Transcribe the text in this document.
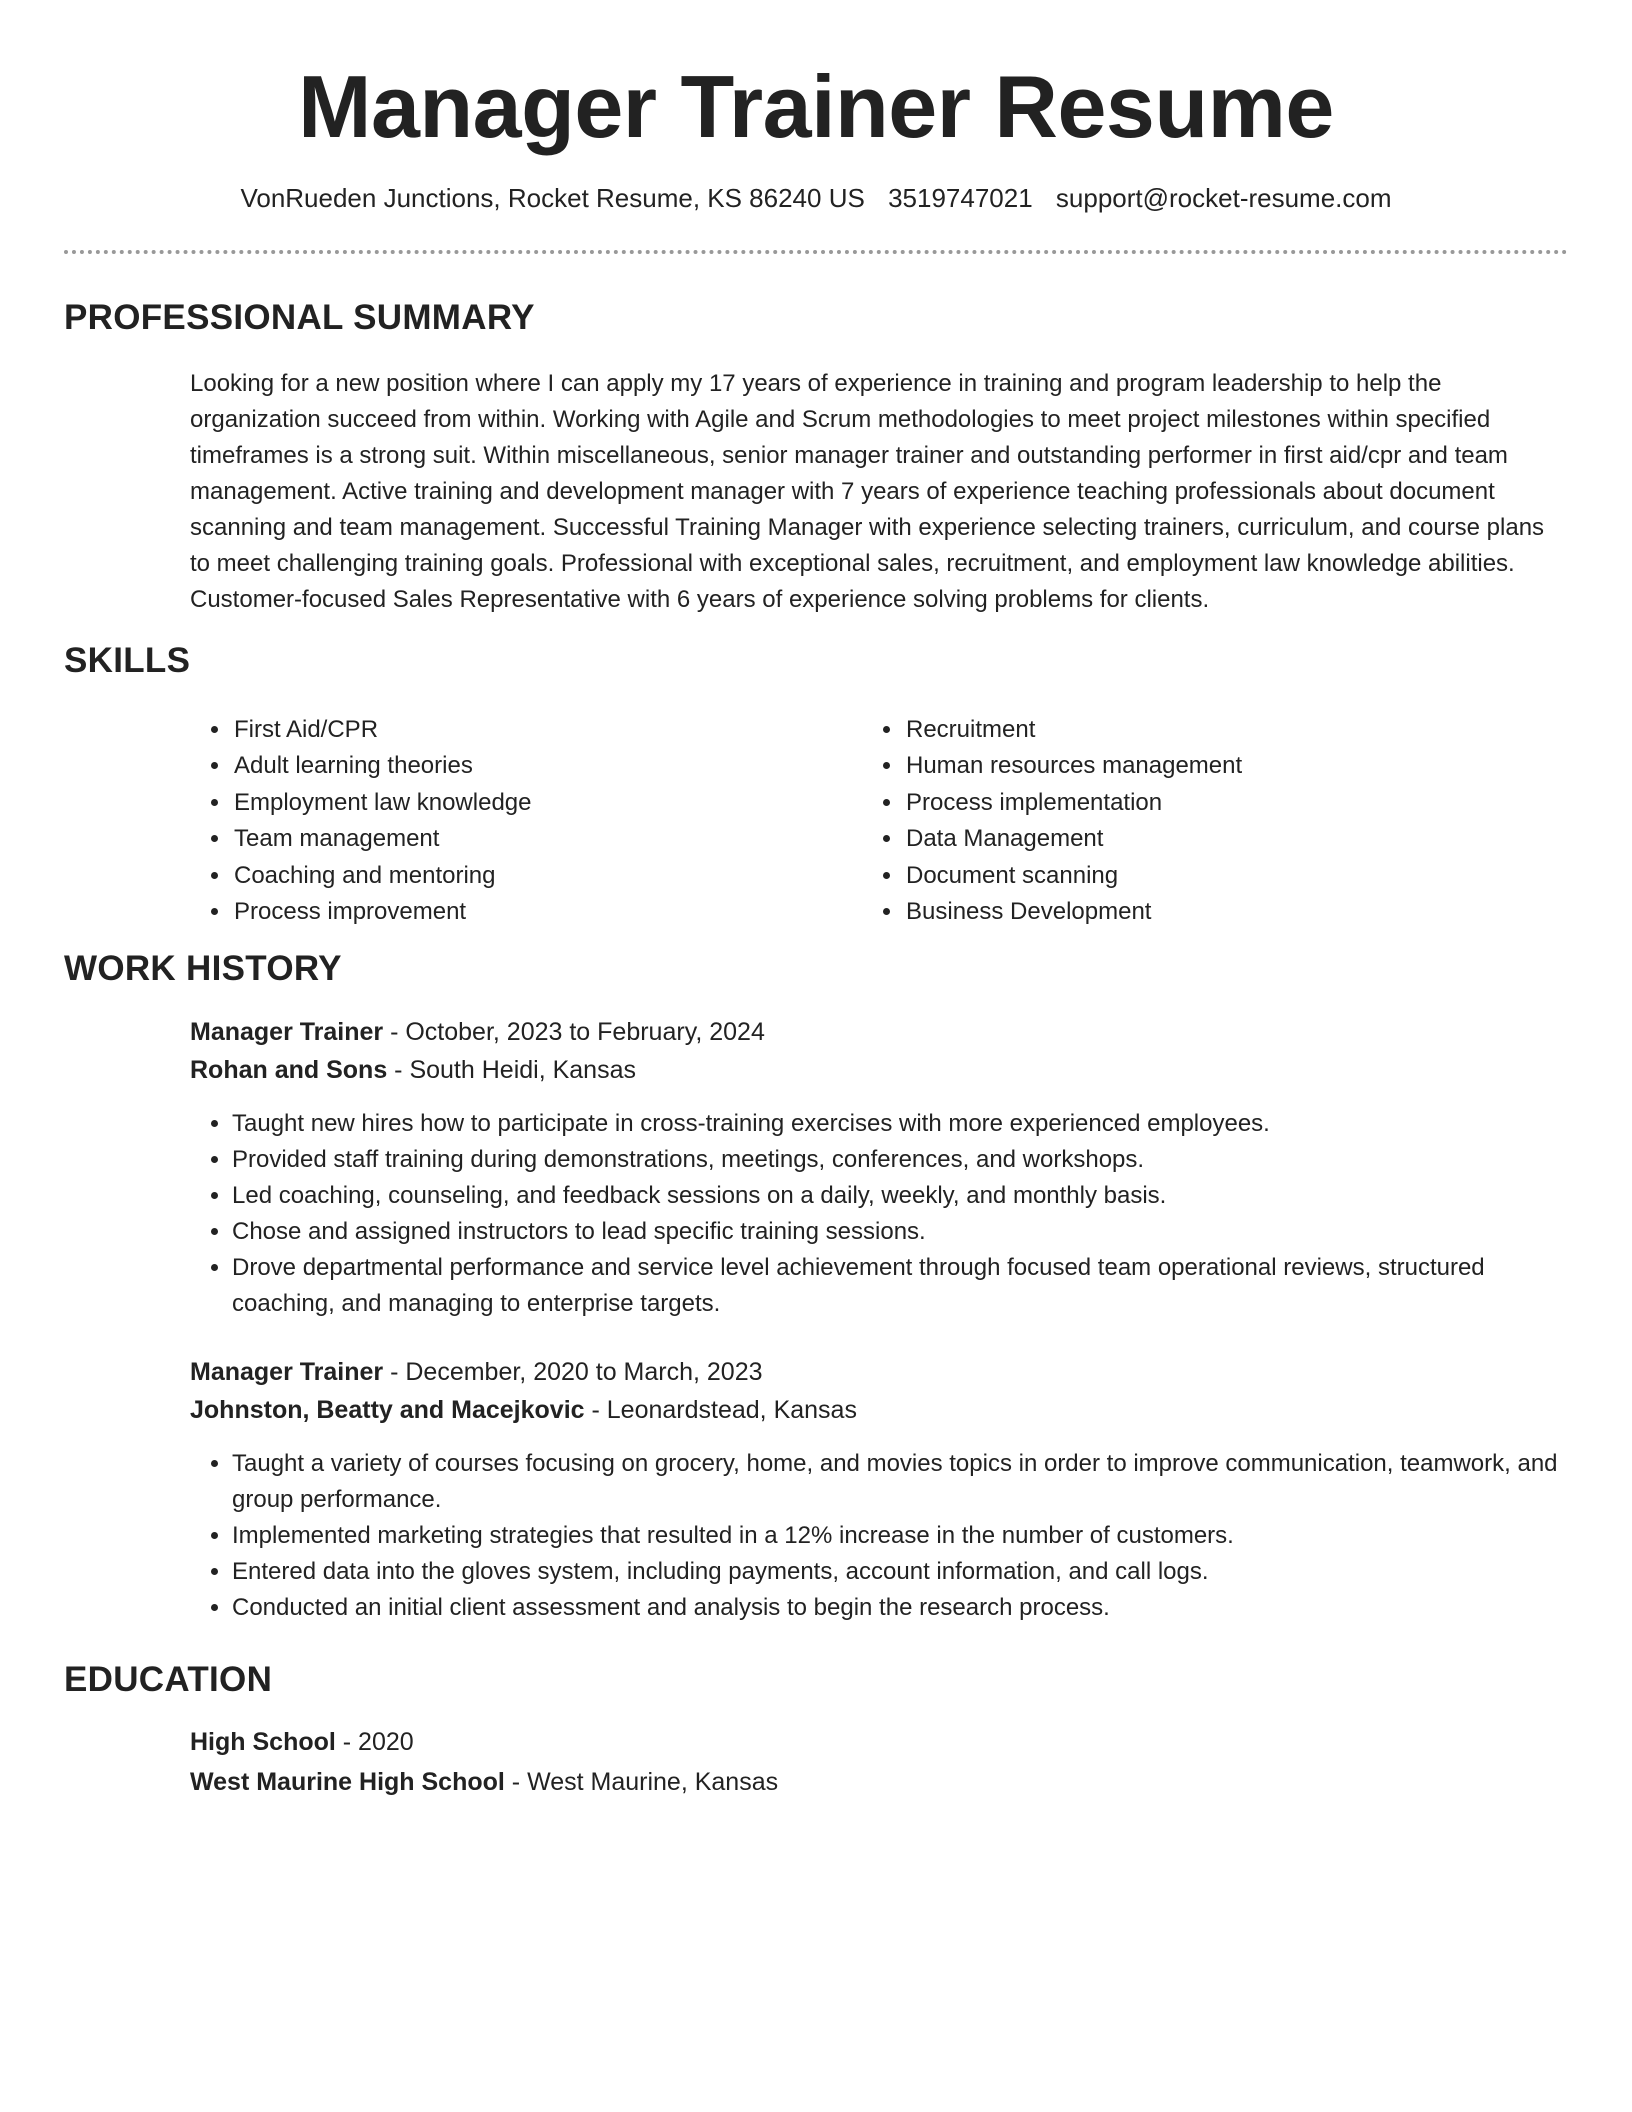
Manager Trainer Resume
VonRueden Junctions, Rocket Resume, KS 86240 US 3519747021 support@rocket-resume.com
PROFESSIONAL SUMMARY
Looking for a new position where I can apply my 17 years of experience in training and program leadership to help the organization succeed from within. Working with Agile and Scrum methodologies to meet project milestones within specified timeframes is a strong suit. Within miscellaneous, senior manager trainer and outstanding performer in first aid/cpr and team management. Active training and development manager with 7 years of experience teaching professionals about document scanning and team management. Successful Training Manager with experience selecting trainers, curriculum, and course plans to meet challenging training goals. Professional with exceptional sales, recruitment, and employment law knowledge abilities. Customer-focused Sales Representative with 6 years of experience solving problems for clients.
SKILLS
• First Aid/CPR
• Adult learning theories
• Employment law knowledge
• Team management
• Coaching and mentoring
• Process improvement
• Recruitment
• Human resources management
• Process implementation
• Data Management
• Document scanning
• Business Development
WORK HISTORY
Manager Trainer - October, 2023 to February, 2024
Rohan and Sons - South Heidi, Kansas
• Taught new hires how to participate in cross-training exercises with more experienced employees.
• Provided staff training during demonstrations, meetings, conferences, and workshops.
• Led coaching, counseling, and feedback sessions on a daily, weekly, and monthly basis.
• Chose and assigned instructors to lead specific training sessions.
• Drove departmental performance and service level achievement through focused team operational reviews, structured coaching, and managing to enterprise targets.
Manager Trainer - December, 2020 to March, 2023
Johnston, Beatty and Macejkovic - Leonardstead, Kansas
• Taught a variety of courses focusing on grocery, home, and movies topics in order to improve communication, teamwork, and group performance.
• Implemented marketing strategies that resulted in a 12% increase in the number of customers.
• Entered data into the gloves system, including payments, account information, and call logs.
• Conducted an initial client assessment and analysis to begin the research process.
EDUCATION
High School - 2020
West Maurine High School - West Maurine, Kansas
